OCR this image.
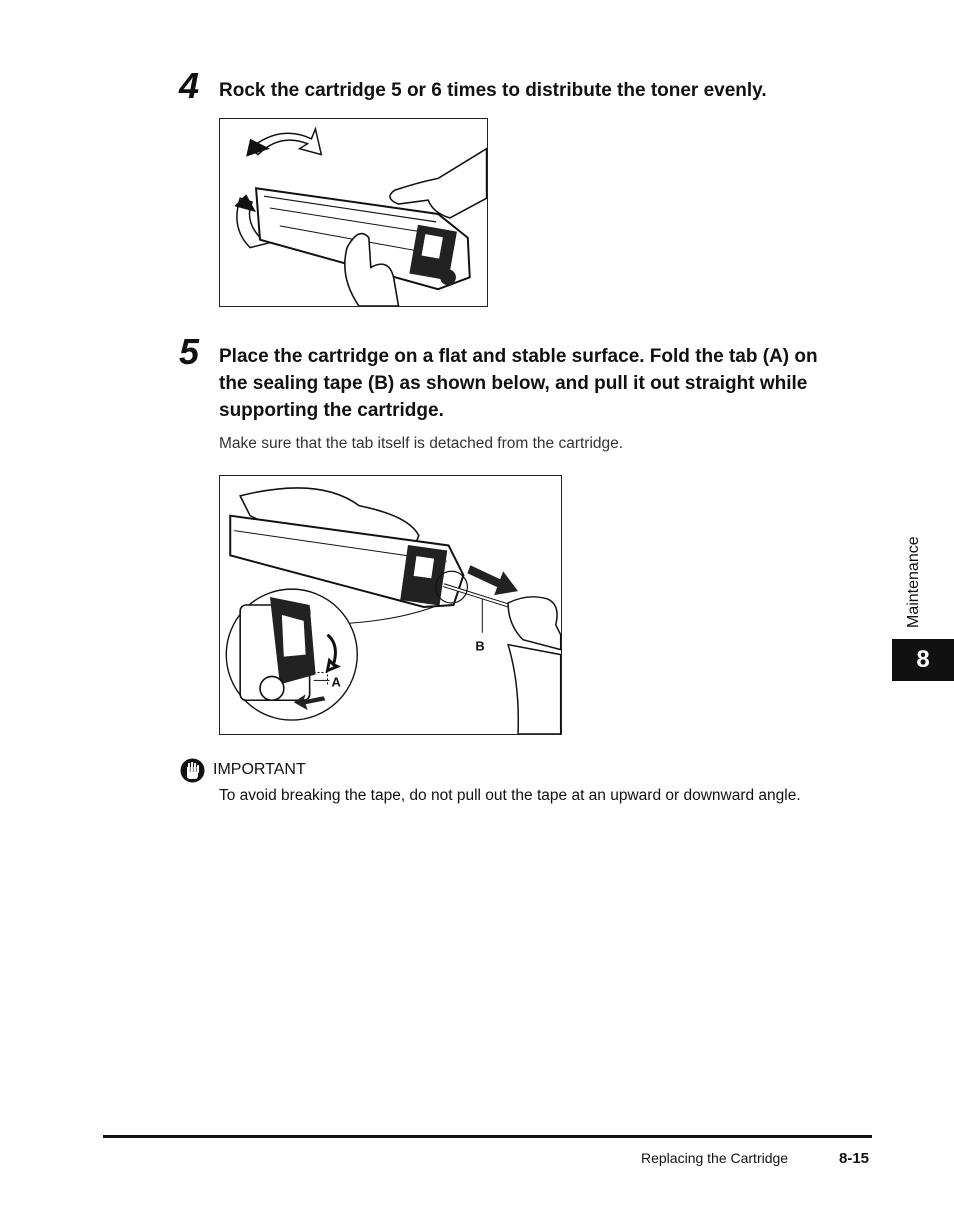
4 Rock the cartridge 5 or 6 times to distribute the toner evenly.
5 Place the cartridge on a flat and stable surface. Fold the tab (A) on
the sealing tape (B) as shown below, and pull it out straight while
supporting the cartridge.
Make sure that the tab itself is detached from the cartridge.
A
B
IMPORTANT
To avoid breaking the tape, do not pull out the tape at an upward or downward angle.
Maintenance
8
Replacing the Cartridge	8-15
